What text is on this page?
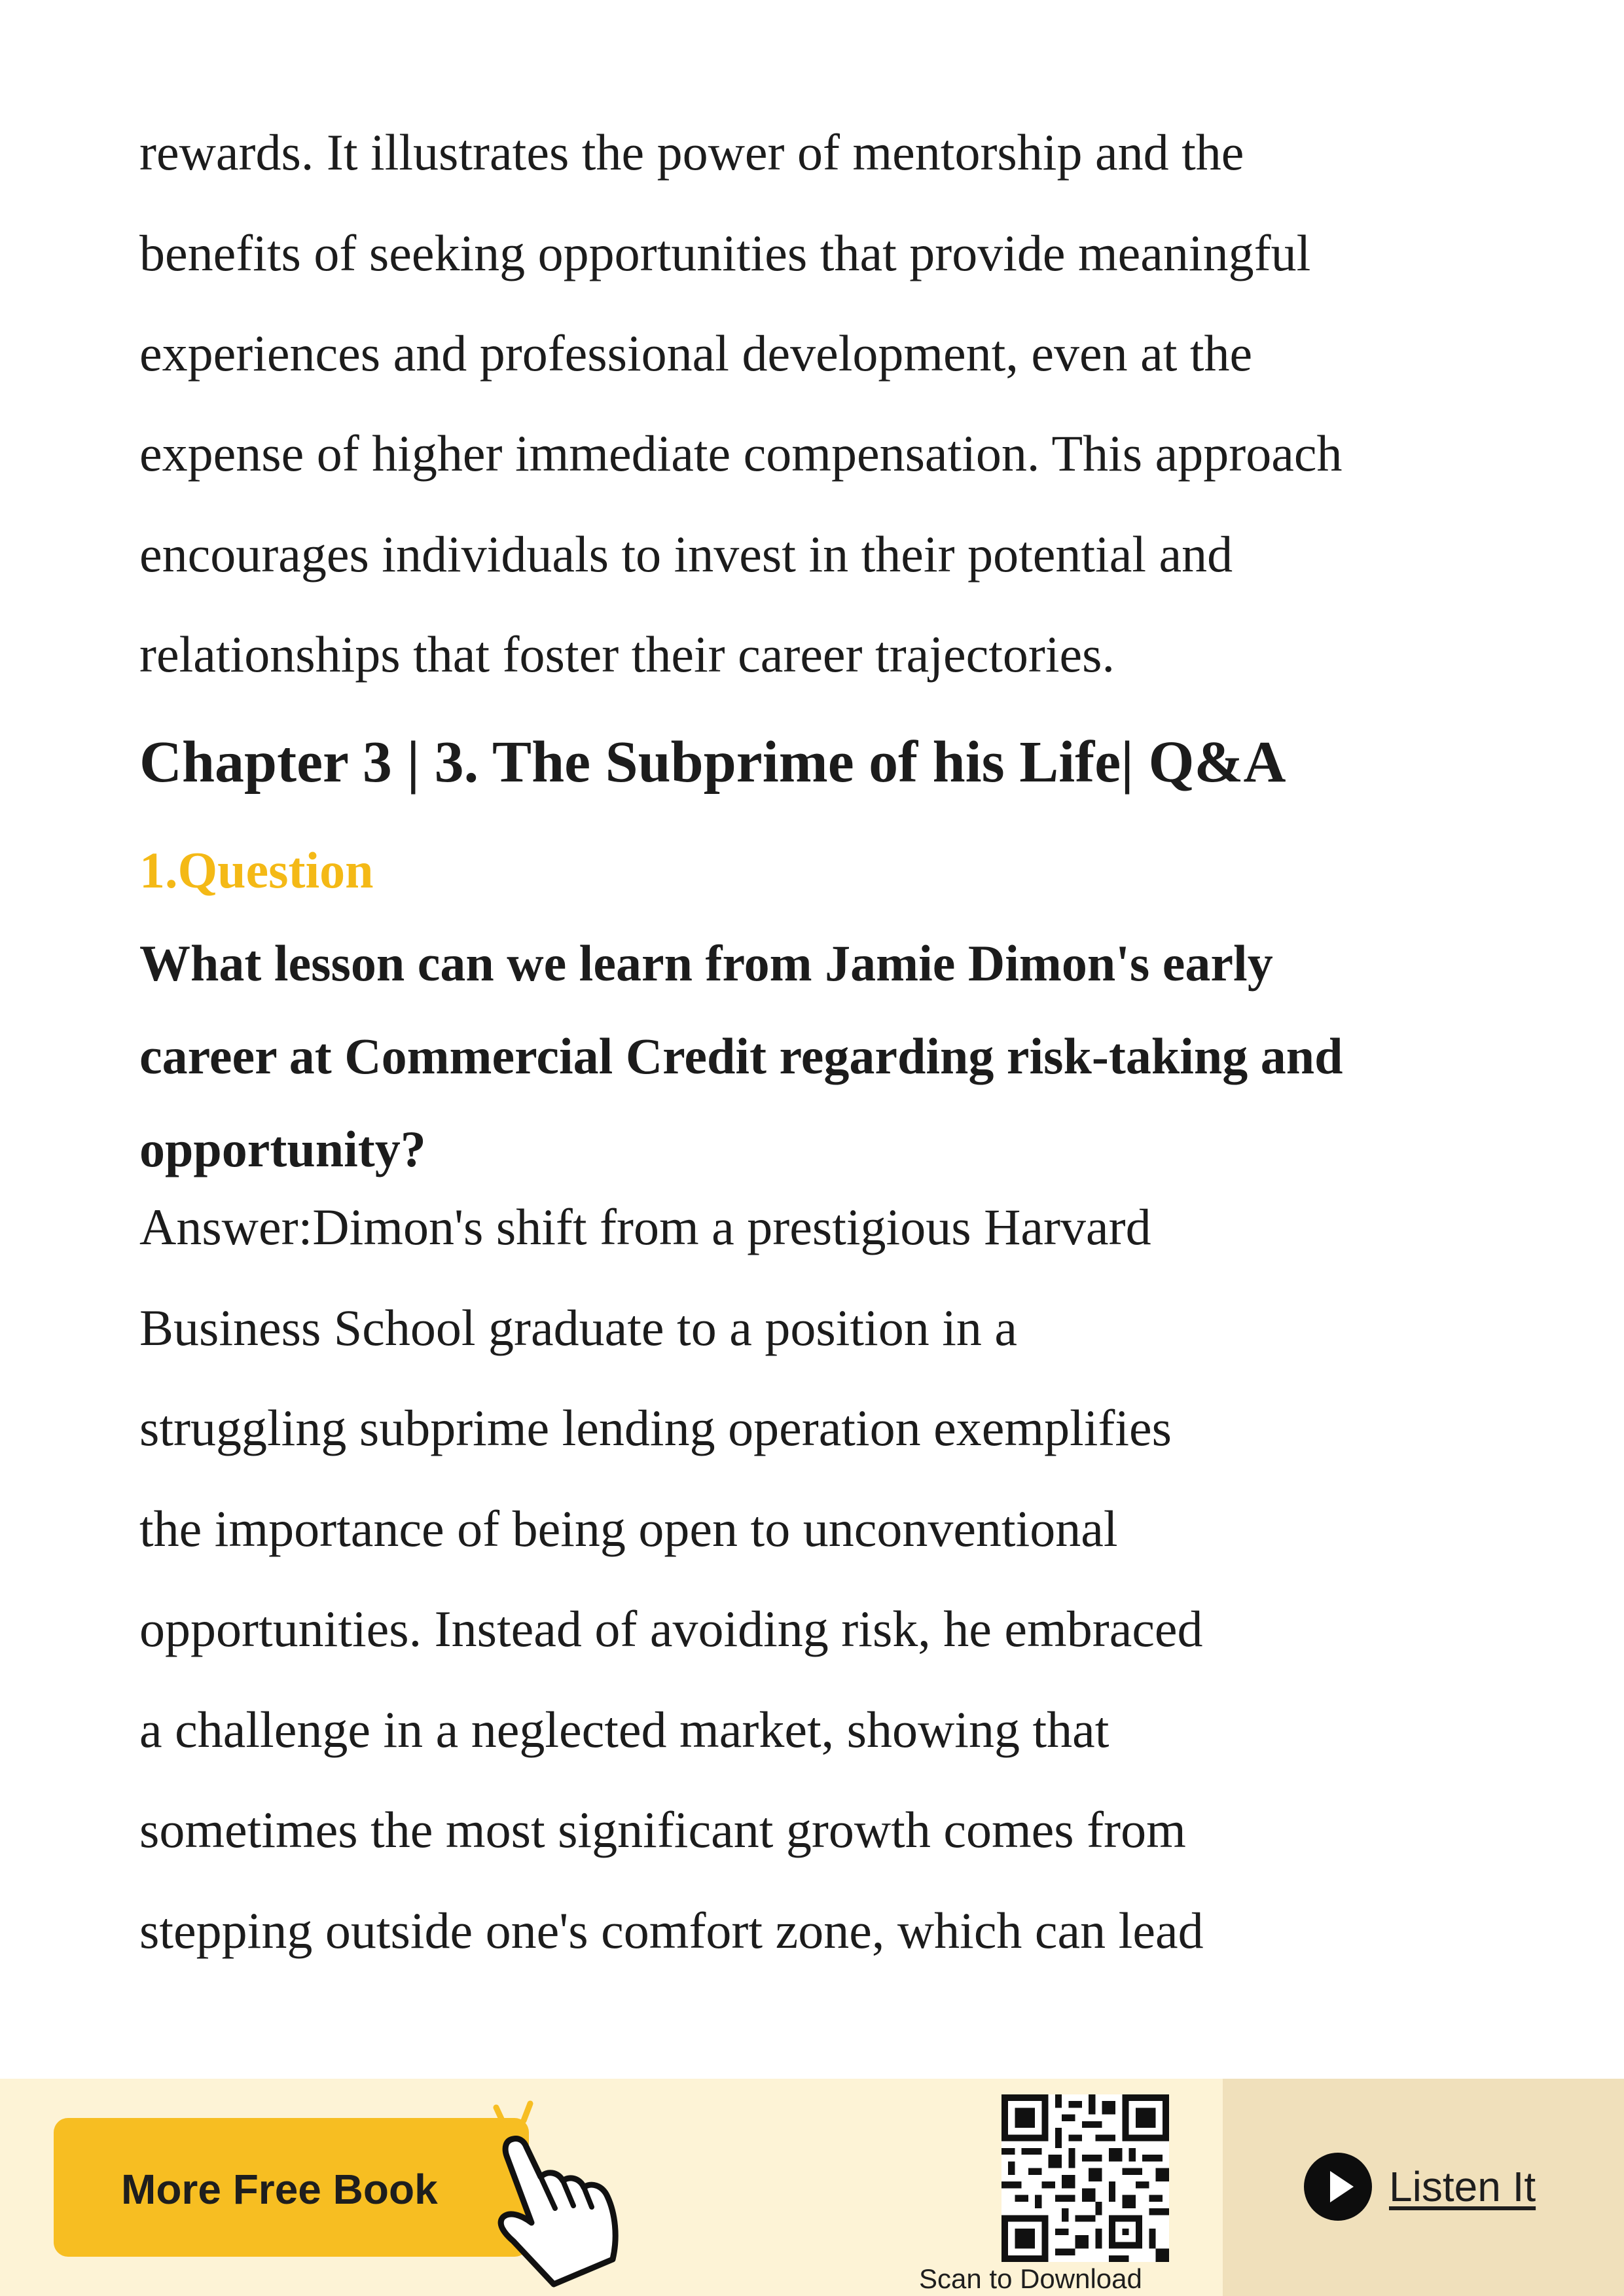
rewards. It illustrates the power of mentorship and the
benefits of seeking opportunities that provide meaningful
experiences and professional development, even at the
expense of higher immediate compensation. This approach
encourages individuals to invest in their potential and
relationships that foster their career trajectories.
Chapter 3 | 3. The Subprime of his Life| Q&A
1.Question
What lesson can we learn from Jamie Dimon's early
career at Commercial Credit regarding risk-taking and
opportunity?
Answer:Dimon's shift from a prestigious Harvard
Business School graduate to a position in a
struggling subprime lending operation exemplifies
the importance of being open to unconventional
opportunities. Instead of avoiding risk, he embraced
a challenge in a neglected market, showing that
sometimes the most significant growth comes from
stepping outside one's comfort zone, which can lead
More Free Book
Scan to Download
Listen It
